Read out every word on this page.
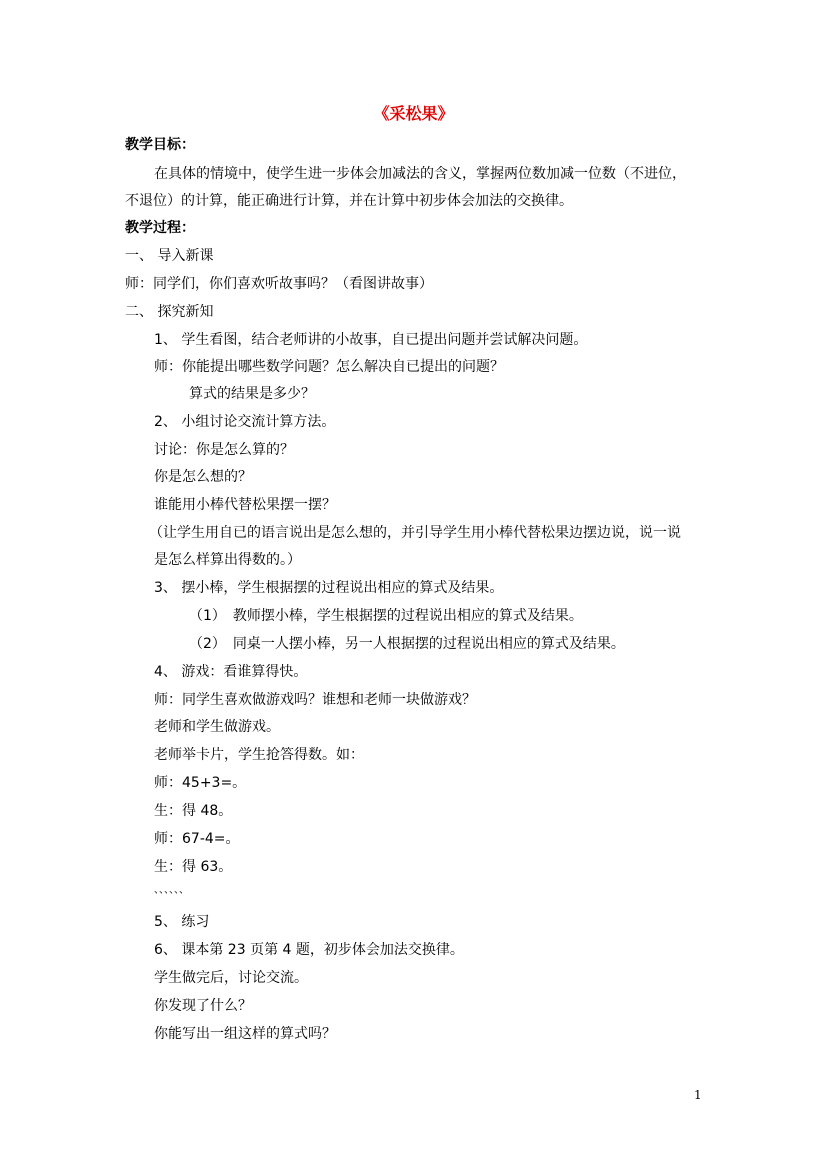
《采松果》
教学目标：
在具体的情境中，使学生进一步体会加减法的含义，掌握两位数加减一位数（不进位，
不退位）的计算，能正确进行计算，并在计算中初步体会加法的交换律。
教学过程：
一、 导入新课
师：同学们，你们喜欢听故事吗？（看图讲故事）
二、 探究新知
1、 学生看图，结合老师讲的小故事，自已提出问题并尝试解决问题。
师：你能提出哪些数学问题？怎么解决自已提出的问题？
算式的结果是多少？
2、 小组讨论交流计算方法。
讨论：你是怎么算的？
你是怎么想的？
谁能用小棒代替松果摆一摆？
（让学生用自已的语言说出是怎么想的，并引导学生用小棒代替松果边摆边说，说一说
是怎么样算出得数的。）
3、 摆小棒，学生根据摆的过程说出相应的算式及结果。
（1）　教师摆小棒，学生根据摆的过程说出相应的算式及结果。
（2）　同桌一人摆小棒，另一人根据摆的过程说出相应的算式及结果。
4、 游戏：看谁算得快。
师：同学生喜欢做游戏吗？谁想和老师一块做游戏？
老师和学生做游戏。
老师举卡片，学生抢答得数。如：
师：45+3=。
生：得 48。
师：67-4=。
生：得 63。
、、、、、、
5、 练习
6、 课本第 23 页第 4 题，初步体会加法交换律。
学生做完后，讨论交流。
你发现了什么？
你能写出一组这样的算式吗？
1
